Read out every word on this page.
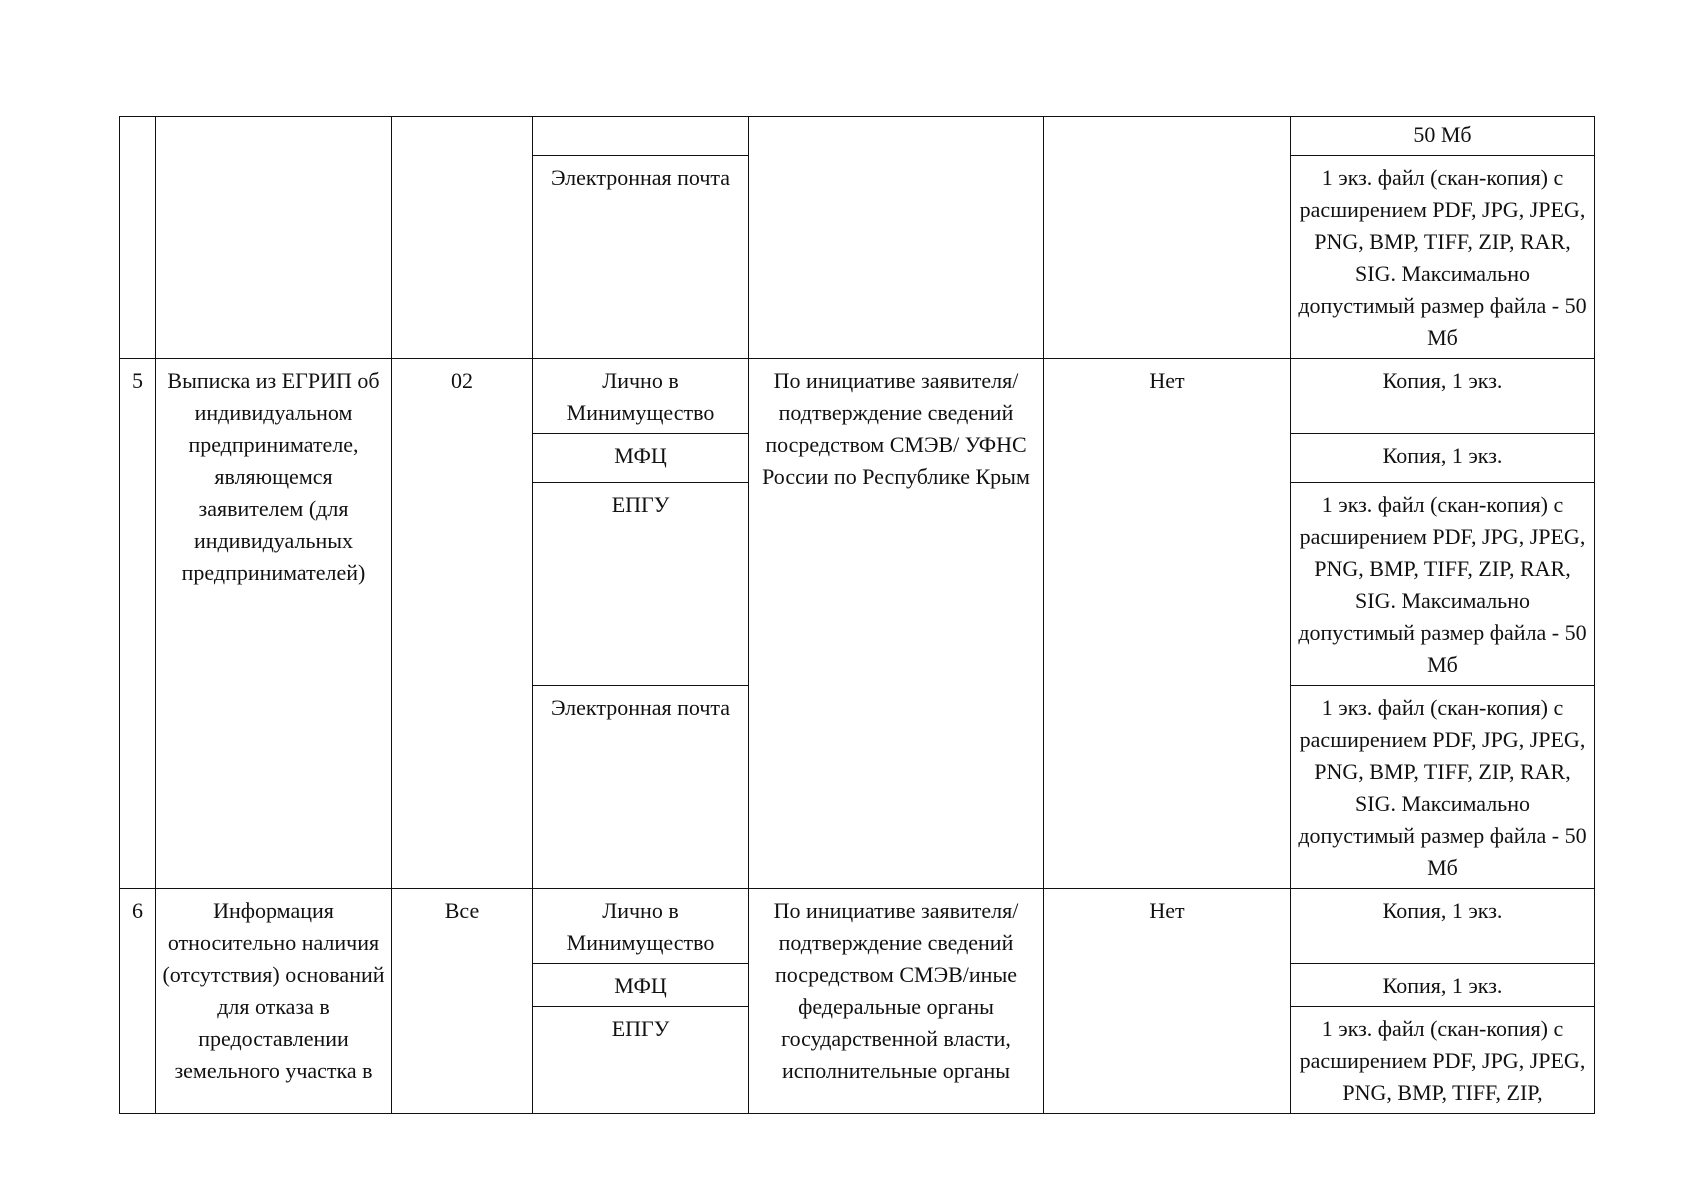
						50 Мб
			Электронная почта			1 экз. файл (скан-копия) с расширением PDF, JPG, JPEG, PNG, BMP, TIFF, ZIP, RAR, SIG. Максимально допустимый размер файла - 50 Мб
5	Выписка из ЕГРИП об индивидуальном предпринимателе, являющемся заявителем (для индивидуальных предпринимателей)	02	Лично в Минимущество	По инициативе заявителя/ подтверждение сведений посредством СМЭВ/ УФНС России по Республике Крым	Нет	Копия, 1 экз.
			МФЦ			Копия, 1 экз.
			ЕПГУ			1 экз. файл (скан-копия) с расширением PDF, JPG, JPEG, PNG, BMP, TIFF, ZIP, RAR, SIG. Максимально допустимый размер файла - 50 Мб
			Электронная почта			1 экз. файл (скан-копия) с расширением PDF, JPG, JPEG, PNG, BMP, TIFF, ZIP, RAR, SIG. Максимально допустимый размер файла - 50 Мб
6	Информация относительно наличия (отсутствия) оснований для отказа в предоставлении земельного участка в	Все	Лично в Минимущество	По инициативе заявителя/ подтверждение сведений посредством СМЭВ/иные федеральные органы государственной власти, исполнительные органы	Нет	Копия, 1 экз.
			МФЦ			Копия, 1 экз.
			ЕПГУ			1 экз. файл (скан-копия) с расширением PDF, JPG, JPEG, PNG, BMP, TIFF, ZIP,
